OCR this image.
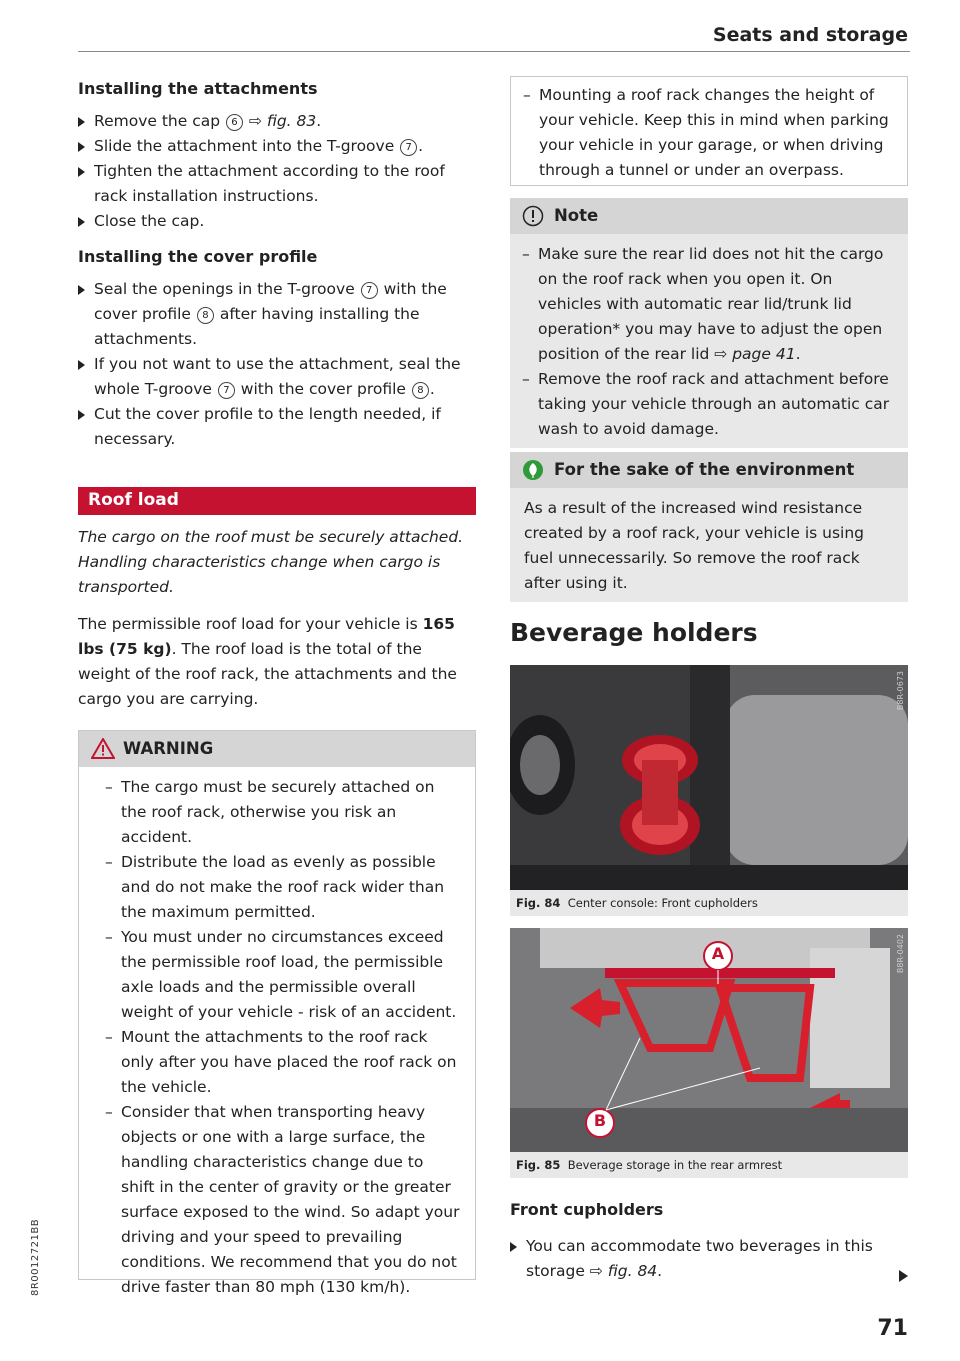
Seats and storage
8R0012721BB
Installing the attachments
Remove the cap 6 ⇨ fig. 83.
Slide the attachment into the T-groove 7 .
Tighten the attachment according to the roof rack installation instructions.
Close the cap.
Installing the cover profile
Seal the openings in the T-groove 7 with the cover profile 8 after having installing the attachments.
If you not want to use the attachment, seal the whole T-groove 7 with the cover profile 8 .
Cut the cover profile to the length needed, if necessary.
Roof load
The cargo on the roof must be securely attached. Handling characteristics change when cargo is transported.
The permissible roof load for your vehicle is 165 lbs (75 kg). The roof load is the total of the weight of the roof rack, the attachments and the cargo you are carrying.
WARNING
– The cargo must be securely attached on the roof rack, otherwise you risk an accident.
– Distribute the load as evenly as possible and do not make the roof rack wider than the maximum permitted.
– You must under no circumstances exceed the permissible roof load, the permissible axle loads and the permissible overall weight of your vehicle - risk of an accident.
– Mount the attachments to the roof rack only after you have placed the roof rack on the vehicle.
– Consider that when transporting heavy objects or one with a large surface, the handling characteristics change due to shift in the center of gravity or the greater surface exposed to the wind. So adapt your driving and your speed to prevailing conditions. We recommend that you do not drive faster than 80 mph (130 km/h).
– Mounting a roof rack changes the height of your vehicle. Keep this in mind when parking your vehicle in your garage, or when driving through a tunnel or under an overpass.
Note
– Make sure the rear lid does not hit the cargo on the roof rack when you open it. On vehicles with automatic rear lid/trunk lid operation* you may have to adjust the open position of the rear lid ⇨ page 41.
– Remove the roof rack and attachment before taking your vehicle through an automatic car wash to avoid damage.
For the sake of the environment
As a result of the increased wind resistance created by a roof rack, your vehicle is using fuel unnecessarily. So remove the roof rack after using it.
Beverage holders
B8R-0673
Fig. 84 Center console: Front cupholders
A
B
B8R-0402
Fig. 85 Beverage storage in the rear armrest
Front cupholders
You can accommodate two beverages in this storage ⇨ fig. 84.
71
